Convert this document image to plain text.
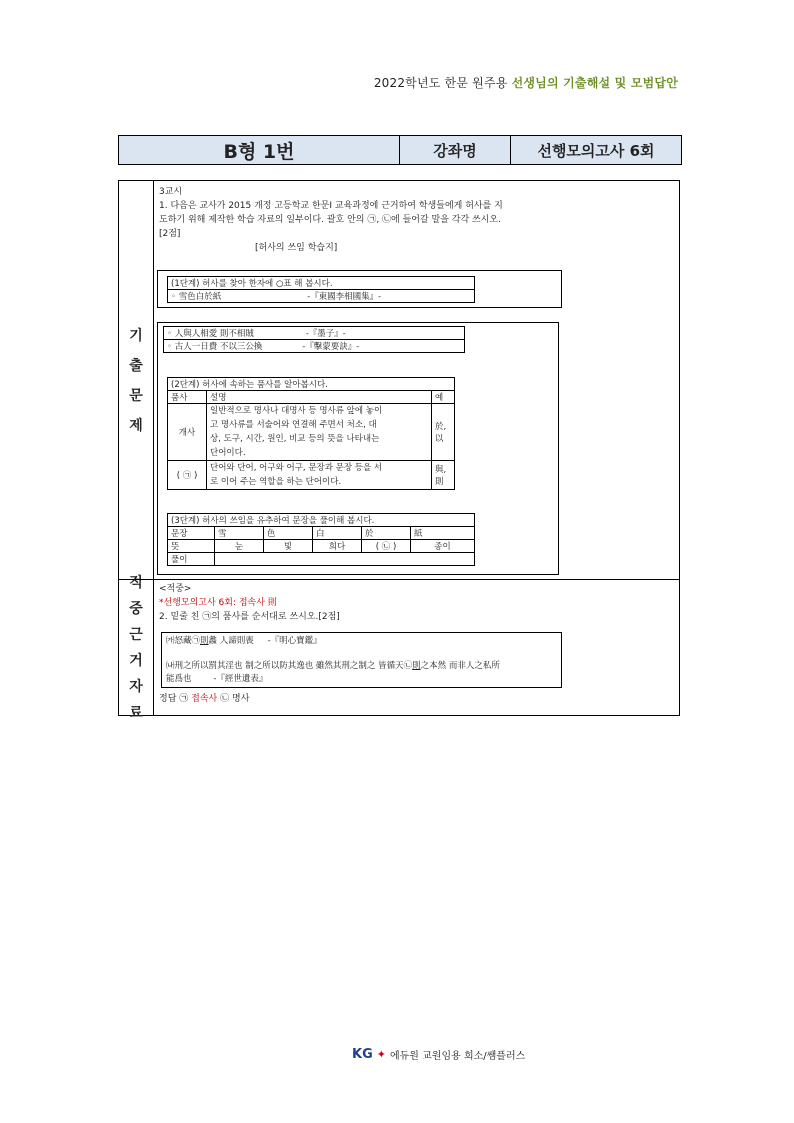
2022학년도 한문 원주용 선생님의 기출해설 및 모범답안
B형 1번	강좌명	선행모의고사 6회
기
출
문
제
적
중
근
거
자
료
3교시
1. 다음은 교사가 2015 개정 고등학교 한문Ⅰ 교육과정에 근거하여 학생들에게 허사를 지
도하기 위해 제작한 학습 자료의 일부이다. 괄호 안의 ㉠, ㉡에 들어갈 말을 각각 쓰시오.
[2점]
[허사의 쓰임 학습지]
(1단계) 허사를 찾아 한자에 ○표 해 봅시다.
◦ 雪色白於紙	-『東國李相國集』-
◦ 人與人相愛 則不相賊	-『墨子』-
◦ 古人一日費 不以三公換	-『擊蒙要訣』-
(2단계) 허사에 속하는 품사를 알아봅시다.		
품사	설명	예
개사	일반적으로 명사나 대명사 등 명사류 앞에 놓이
고 명사류를 서술어와 연결해 주면서 처소, 대
상, 도구, 시간, 원인, 비교 등의 뜻을 나타내는
단어이다.	於, 以
( ㉠ )	단어와 단어, 어구와 어구, 문장과 문장 등을 서
로 이어 주는 역할을 하는 단어이다.	與, 則
(3단계) 허사의 쓰임을 유추하여 문장을 풀이해 봅시다.					
문장	雪	色	白	於	紙
뜻	눈	빛	희다	( ㉡ )	종이
풀이					
<적중>
*선행모의고사 6회: 접속사 則
2. 밑줄 친 ㉠의 품사를 순서대로 쓰시오.[2점]
㈎怒藏㉠則蠡 人諦則喪 -『明心寶鑑』
㈏刑之所以罰其淫也 制之所以防其逸也 雖然其刑之制之 皆循天㉡則之本然 而非人之私所
能爲也	-『經世遺表』
정답 ㉠ 접속사 ㉡ 명사
KG ✦ 에듀원 교원임용 희소/쌤플러스
